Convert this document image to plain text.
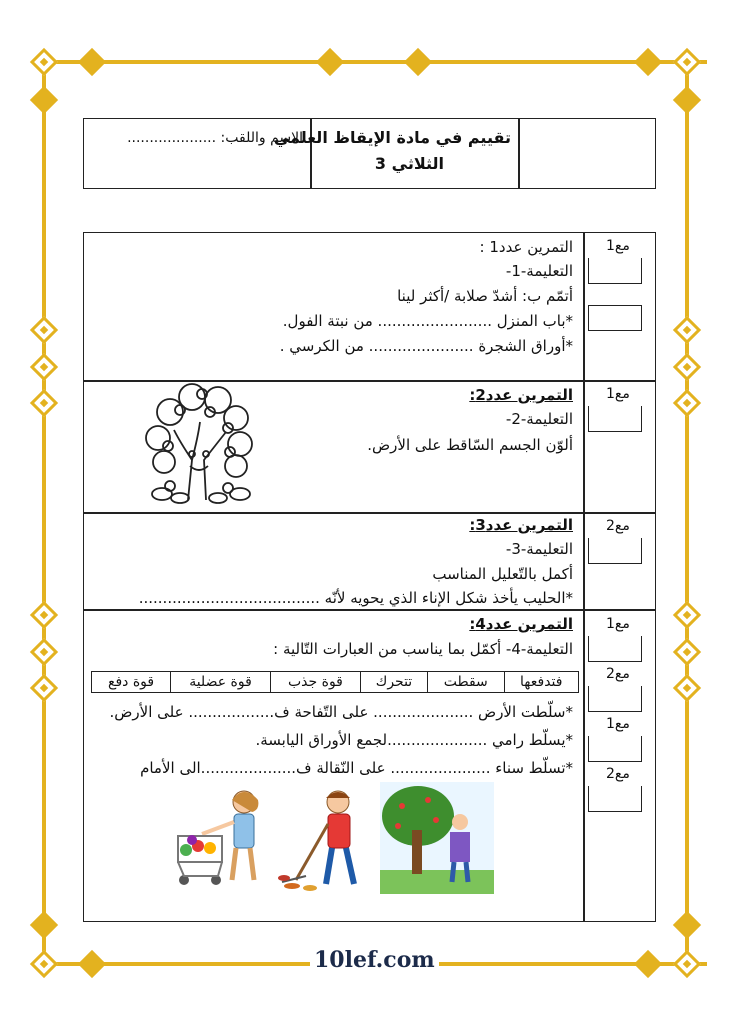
الاسم واللقب: ....................
تقييم في مادة الإيقاظ العلمي
الثلاثي 3
مع1
التمرين عدد1 :
التعليمة-1-
أتمّم ب: أشدّ صلابة /أكثر لينا
*باب المنزل ........................ من نبتة الفول.
*أوراق الشجرة ...................... من الكرسي .
مع1
التمرين عدد2:
التعليمة-2-
ألوّن الجسم السّاقط على الأرض.
مع2
التمرين عدد3:
التعليمة-3-
أكمل بالتّعليل المناسب
*الحليب يأخذ شكل الإناء الذي يحويه لأنّه ......................................
مع1
مع2
مع1
مع2
التمرين عدد4:
التعليمة-4- أكمّل بما يناسب من العبارات التّالية :
فتدفعها	سقطت	تتحرك	قوة جذب	قوة عضلية	قوة دفع
*سلّطت الأرض ..................... على التّفاحة ف.................. على الأرض.
*يسلّط رامي .....................لجمع الأوراق اليابسة.
*تسلّط سناء ..................... على النّقالة ف....................الى الأمام
10lef.com
